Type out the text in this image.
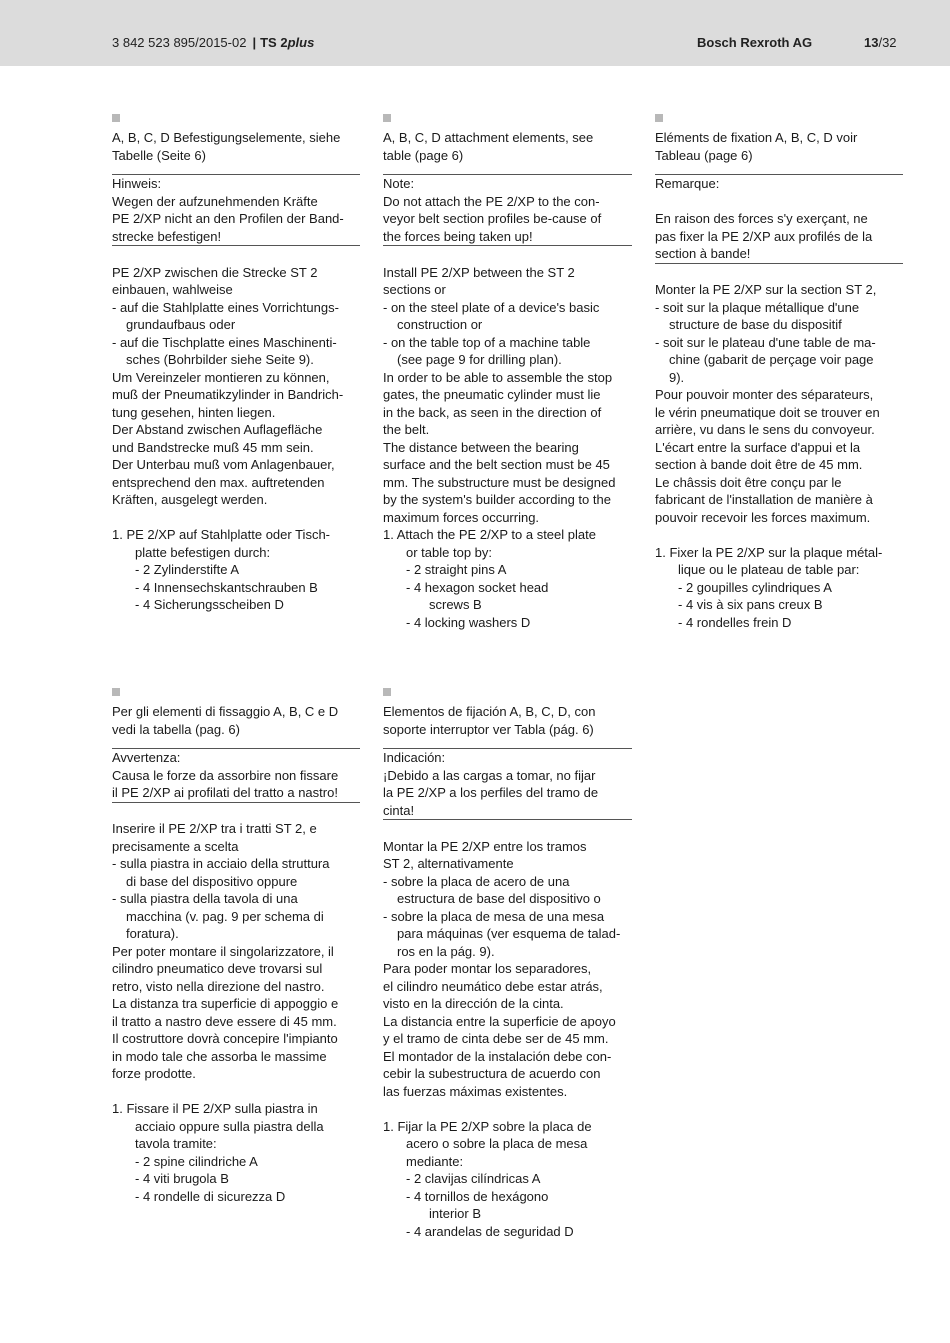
3 842 523 895/2015-02 | TS 2plus	Bosch Rexroth AG	13/32
A, B, C, D Befestigungselemente, siehe
Tabelle (Seite 6)
Hinweis:
Wegen der aufzunehmenden Kräfte
PE 2/XP nicht an den Profilen der Band-
strecke befestigen!
PE 2/XP zwischen die Strecke ST 2
einbauen, wahlweise
- auf die Stahlplatte eines Vorrichtungs-
grundaufbaus oder
- auf die Tischplatte eines Maschinenti-
sches (Bohrbilder siehe Seite 9).
Um Vereinzeler montieren zu können,
muß der Pneumatikzylinder in Bandrich-
tung gesehen, hinten liegen.
Der Abstand zwischen Auflagefläche
und Bandstrecke muß 45 mm sein.
Der Unterbau muß vom Anlagenbauer,
entsprechend den max. auftretenden
Kräften, ausgelegt werden.
1. PE 2/XP auf Stahlplatte oder Tisch-
platte befestigen durch:
- 2 Zylinderstifte A
- 4 Innensechskantschrauben B
- 4 Sicherungsscheiben D
A, B, C, D attachment elements, see
table (page 6)
Note:
Do not attach the PE 2/XP to the con-
veyor belt section profiles be-cause of
the forces being taken up!
Install PE 2/XP between the ST 2
sections or
- on the steel plate of a device's basic
construction or
- on the table top of a machine table
(see page 9 for drilling plan).
In order to be able to assemble the stop
gates, the pneumatic cylinder must lie
in the back, as seen in the direction of
the belt.
The distance between the bearing
surface and the belt section must be 45
mm. The substructure must be designed
by the system's builder according to the
maximum forces occurring.
1. Attach the PE 2/XP to a steel plate
or table top by:
- 2 straight pins A
- 4 hexagon socket head
screws B
- 4 locking washers D
Eléments de fixation A, B, C, D voir
Tableau (page 6)
Remarque:
En raison des forces s'y exerçant, ne
pas fixer la PE 2/XP aux profilés de la
section à bande!
Monter la PE 2/XP sur la section ST 2,
- soit sur la plaque métallique d'une
structure de base du dispositif
- soit sur le plateau d'une table de ma-
chine (gabarit de perçage voir page
9).
Pour pouvoir monter des séparateurs,
le vérin pneumatique doit se trouver en
arrière, vu dans le sens du convoyeur.
L'écart entre la surface d'appui et la
section à bande doit être de 45 mm.
Le châssis doit être conçu par le
fabricant de l'installation de manière à
pouvoir recevoir les forces maximum.
1. Fixer la PE 2/XP sur la plaque métal-
lique ou le plateau de table par:
- 2 goupilles cylindriques A
- 4 vis à six pans creux B
- 4 rondelles frein D
Per gli elementi di fissaggio A, B, C e D
vedi la tabella (pag. 6)
Avvertenza:
Causa le forze da assorbire non fissare
il PE 2/XP ai profilati del tratto a nastro!
Inserire il PE 2/XP tra i tratti ST 2, e
precisamente a scelta
- sulla piastra in acciaio della struttura
di base del dispositivo oppure
- sulla piastra della tavola di una
macchina (v. pag. 9 per schema di
foratura).
Per poter montare il singolarizzatore, il
cilindro pneumatico deve trovarsi sul
retro, visto nella direzione del nastro.
La distanza tra superficie di appoggio e
il tratto a nastro deve essere di 45 mm.
Il costruttore dovrà concepire l'impianto
in modo tale che assorba le massime
forze prodotte.
1. Fissare il PE 2/XP sulla piastra in
acciaio oppure sulla piastra della
tavola tramite:
- 2 spine cilindriche A
- 4 viti brugola B
- 4 rondelle di sicurezza D
Elementos de fijación A, B, C, D, con
soporte interruptor ver Tabla (pág. 6)
Indicación:
¡Debido a las cargas a tomar, no fijar
la PE 2/XP a los perfiles del tramo de
cinta!
Montar la PE 2/XP entre los tramos
ST 2, alternativamente
- sobre la placa de acero de una
estructura de base del dispositivo o
- sobre la placa de mesa de una mesa
para máquinas (ver esquema de talad-
ros en la pág. 9).
Para poder montar los separadores,
el cilindro neumático debe estar atrás,
visto en la dirección de la cinta.
La distancia entre la superficie de apoyo
y el tramo de cinta debe ser de 45 mm.
El montador de la instalación debe con-
cebir la subestructura de acuerdo con
las fuerzas máximas existentes.
1. Fijar la PE 2/XP sobre la placa de
acero o sobre la placa de mesa
mediante:
- 2 clavijas cilíndricas A
- 4 tornillos de hexágono
interior B
- 4 arandelas de seguridad D
